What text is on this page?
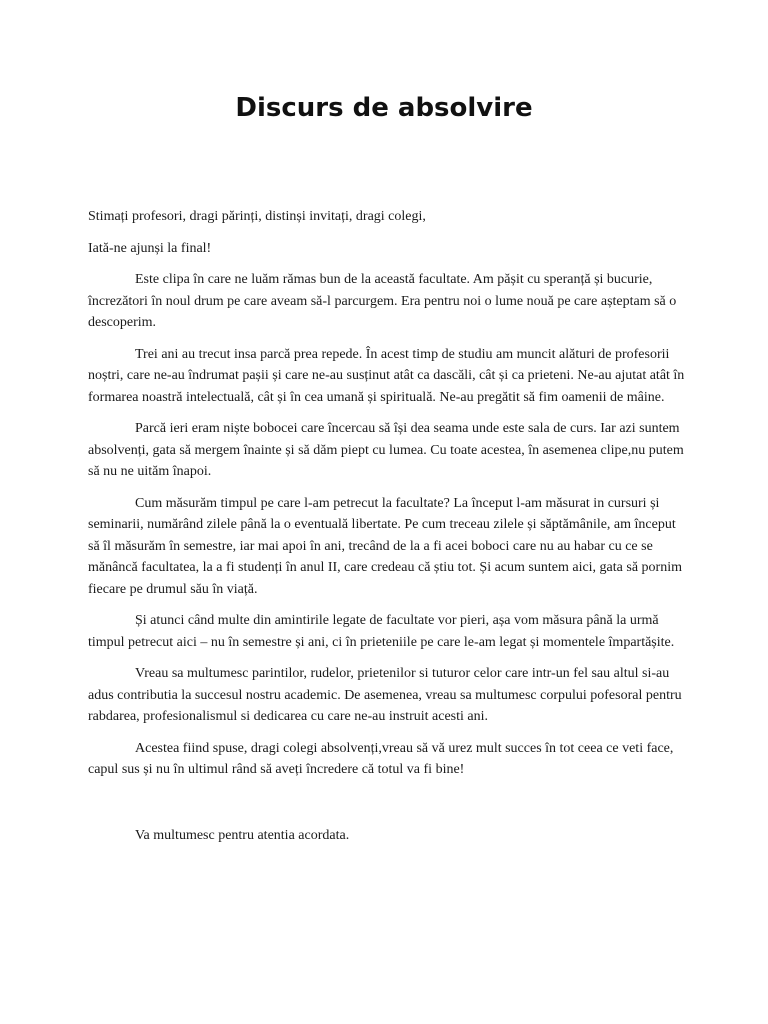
Discurs de absolvire

Stimați profesori, dragi părinți, distinși invitați, dragi colegi,

Iată-ne ajunși la final!

Este clipa în care ne luăm rămas bun de la această facultate. Am pășit cu speranță și bucurie, încrezători în noul drum pe care aveam să-l parcurgem. Era pentru noi o lume nouă pe care așteptam să o descoperim.

Trei ani au trecut insa parcă prea repede. În acest timp de studiu am muncit alături de profesorii noștri, care ne-au îndrumat pașii și care ne-au susținut atât ca dascăli, cât și ca prieteni. Ne-au ajutat atât în formarea noastră intelectuală, cât și în cea umană și spirituală. Ne-au pregătit să fim oamenii de mâine.

Parcă ieri eram niște bobocei care încercau să își dea seama unde este sala de curs. Iar azi suntem absolvenți, gata să mergem înainte și să dăm piept cu lumea. Cu toate acestea, în asemenea clipe,nu putem să nu ne uităm înapoi.

Cum măsurăm timpul pe care l-am petrecut la facultate? La început l-am măsurat in cursuri și seminarii, numărând zilele până la o eventuală libertate. Pe cum treceau zilele și săptămânile, am început să îl măsurăm în semestre, iar mai apoi în ani, trecând de la a fi acei boboci care nu au habar cu ce se mănâncă facultatea, la a fi studenți în anul II, care credeau că știu tot. Și acum suntem aici, gata să pornim fiecare pe drumul său în viață.

Și atunci când multe din amintirile legate de facultate vor pieri, așa vom măsura până la urmă timpul petrecut aici – nu în semestre și ani, ci în prieteniile pe care le-am legat și momentele împartășite.

Vreau sa multumesc parintilor, rudelor, prietenilor si tuturor celor care intr-un fel sau altul si-au adus contributia la succesul nostru academic. De asemenea, vreau sa multumesc corpului pofesoral pentru rabdarea, profesionalismul si dedicarea cu care ne-au instruit acesti ani.

Acestea fiind spuse, dragi colegi absolvenți,vreau să vă urez mult succes în tot ceea ce veti face, capul sus și nu în ultimul rând să aveți încredere că totul va fi bine!

Va multumesc pentru atentia acordata.
